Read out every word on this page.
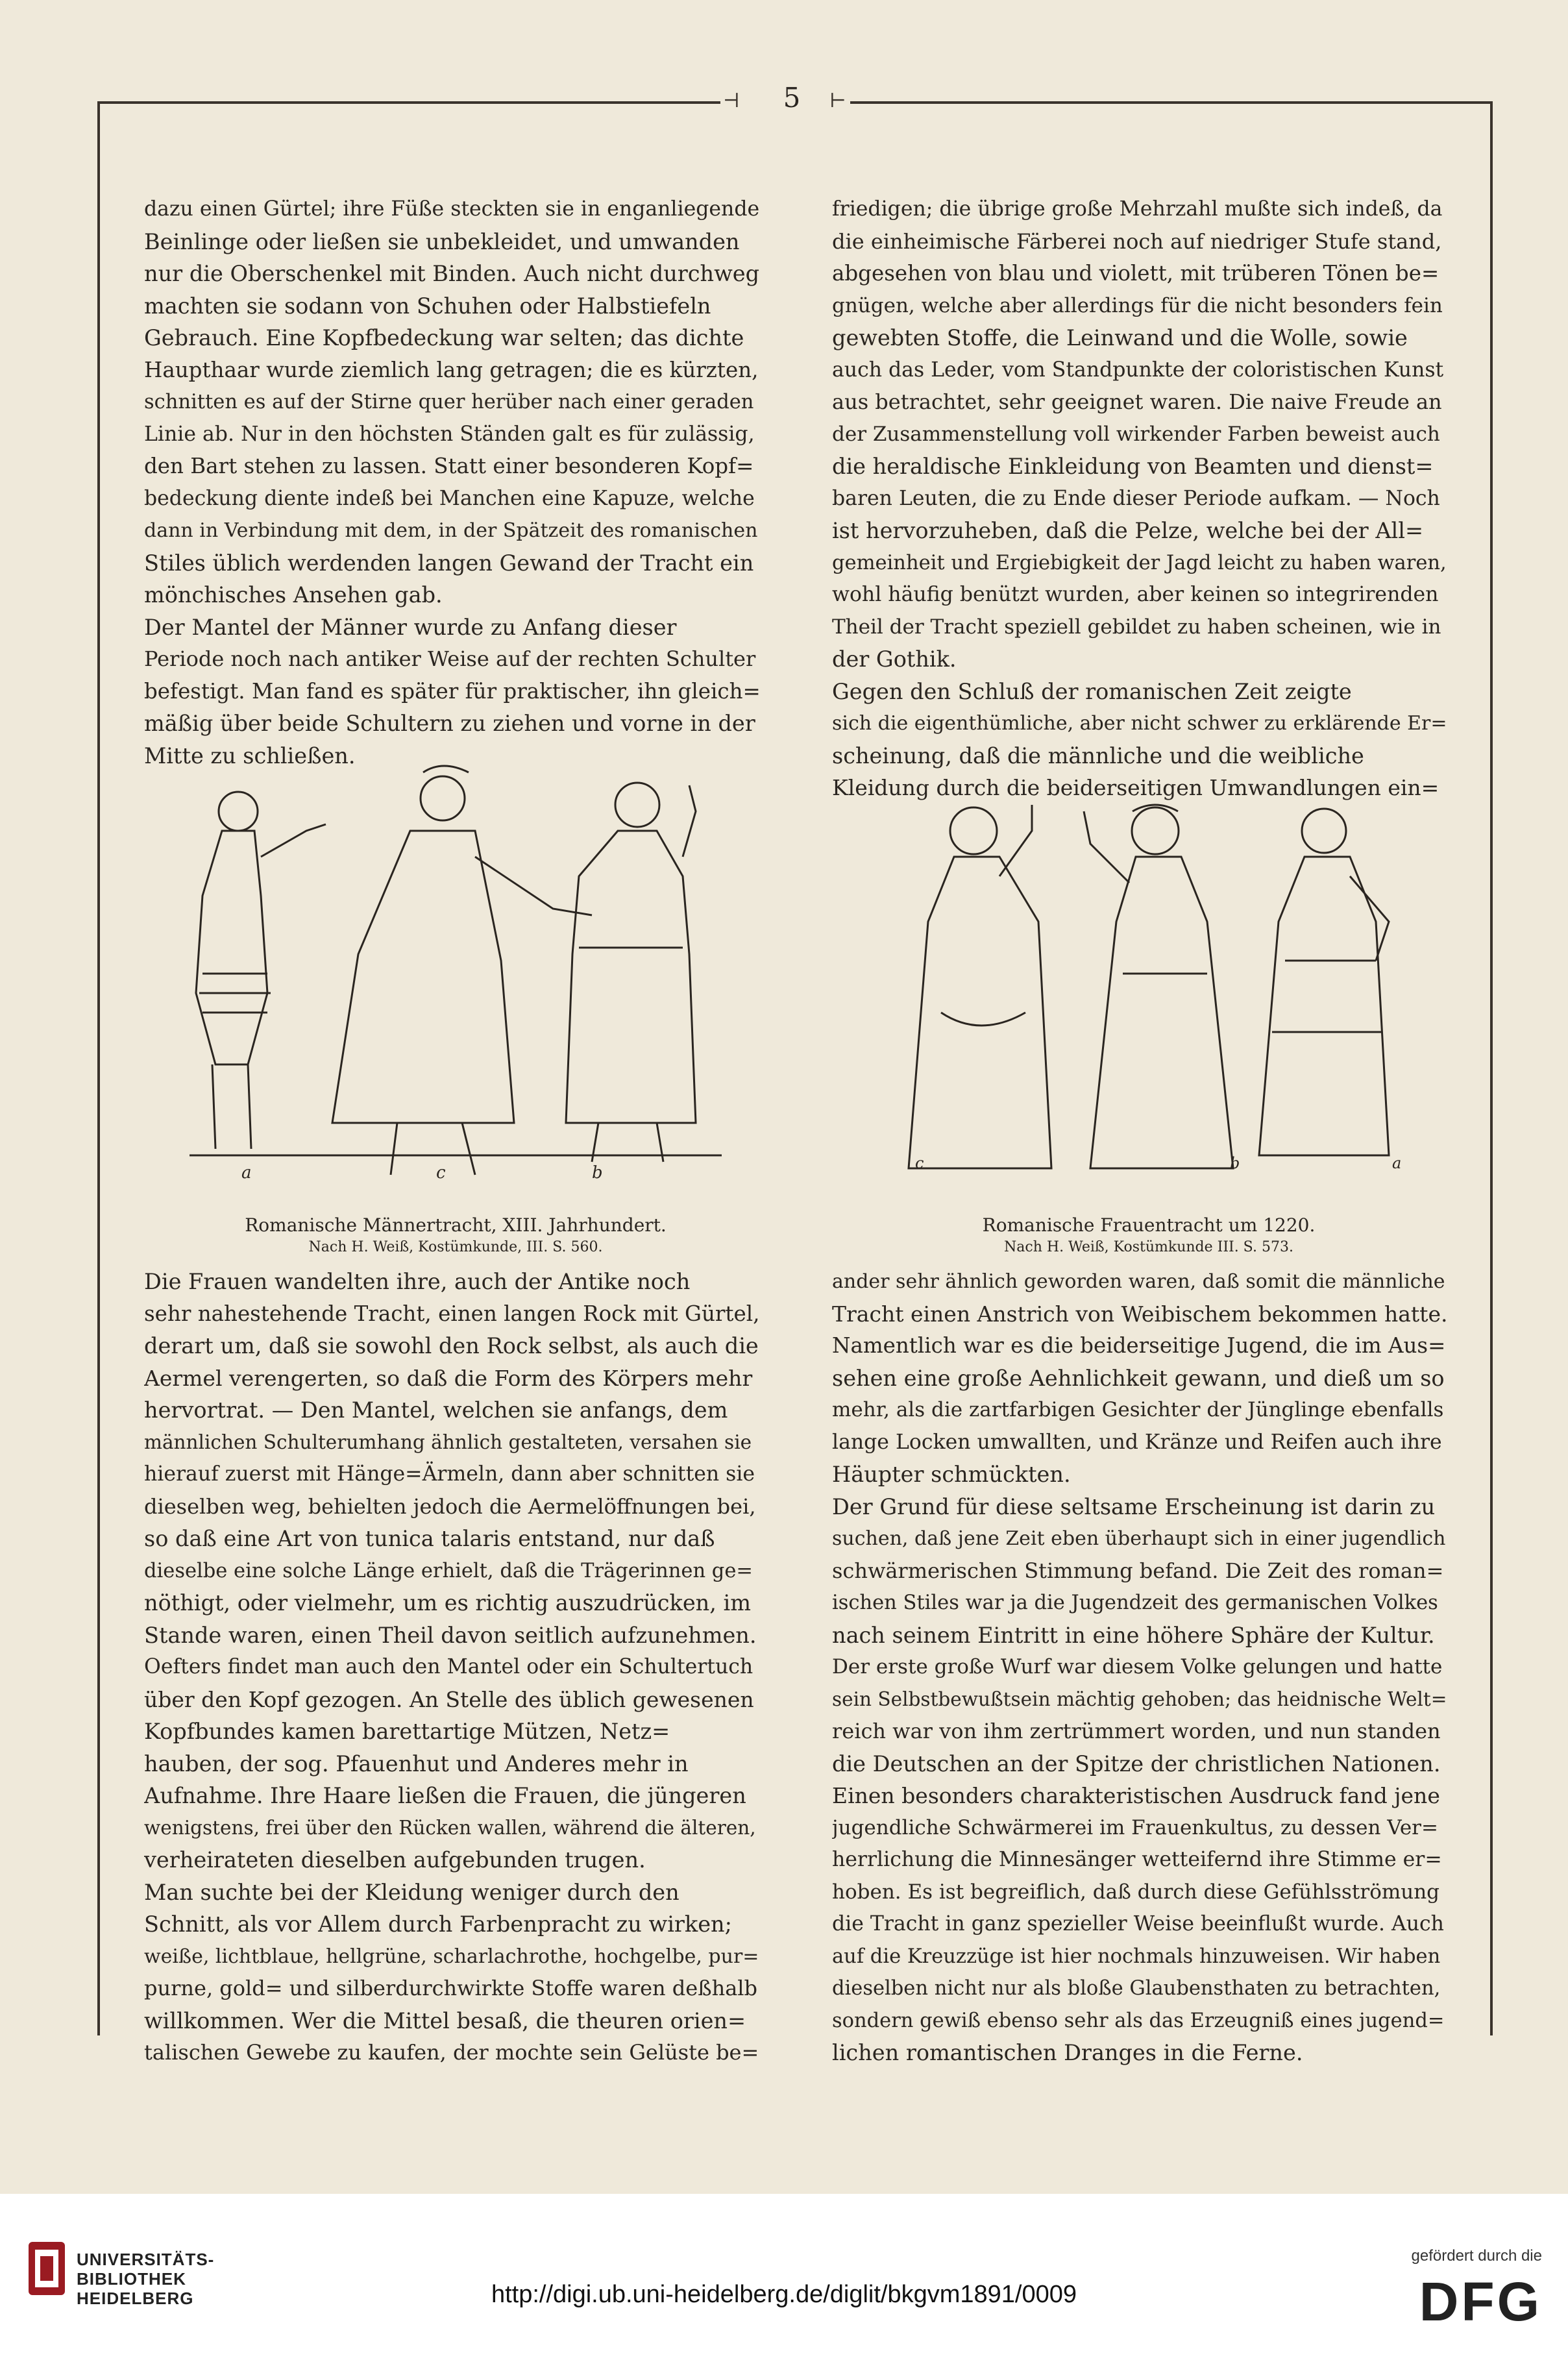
⊣	⊢
5
dazu einen Gürtel; ihre Füße steckten sie in enganliegende
Beinlinge oder ließen sie unbekleidet, und umwanden
nur die Oberschenkel mit Binden. Auch nicht durchweg
machten sie sodann von Schuhen oder Halbstiefeln
Gebrauch. Eine Kopfbedeckung war selten; das dichte
Haupthaar wurde ziemlich lang getragen; die es kürzten,
schnitten es auf der Stirne quer herüber nach einer geraden
Linie ab. Nur in den höchsten Ständen galt es für zulässig,
den Bart stehen zu lassen. Statt einer besonderen Kopf=
bedeckung diente indeß bei Manchen eine Kapuze, welche
dann in Verbindung mit dem, in der Spätzeit des romanischen
Stiles üblich werdenden langen Gewand der Tracht ein
mönchisches Ansehen gab.
Der Mantel der Männer wurde zu Anfang dieser
Periode noch nach antiker Weise auf der rechten Schulter
befestigt. Man fand es später für praktischer, ihn gleich=
mäßig über beide Schultern zu ziehen und vorne in der
Mitte zu schließen.
friedigen; die übrige große Mehrzahl mußte sich indeß, da
die einheimische Färberei noch auf niedriger Stufe stand,
abgesehen von blau und violett, mit trüberen Tönen be=
gnügen, welche aber allerdings für die nicht besonders fein
gewebten Stoffe, die Leinwand und die Wolle, sowie
auch das Leder, vom Standpunkte der coloristischen Kunst
aus betrachtet, sehr geeignet waren. Die naive Freude an
der Zusammenstellung voll wirkender Farben beweist auch
die heraldische Einkleidung von Beamten und dienst=
baren Leuten, die zu Ende dieser Periode aufkam. — Noch
ist hervorzuheben, daß die Pelze, welche bei der All=
gemeinheit und Ergiebigkeit der Jagd leicht zu haben waren,
wohl häufig benützt wurden, aber keinen so integrirenden
Theil der Tracht speziell gebildet zu haben scheinen, wie in
der Gothik.
Gegen den Schluß der romanischen Zeit zeigte
sich die eigenthümliche, aber nicht schwer zu erklärende Er=
scheinung, daß die männliche und die weibliche
Kleidung durch die beiderseitigen Umwandlungen ein=
a	c	b
Romanische Männertracht, XIII. Jahrhundert.
Nach H. Weiß, Kostümkunde, III. S. 560.
c	b	a
Romanische Frauentracht um 1220.
Nach H. Weiß, Kostümkunde III. S. 573.
Die Frauen wandelten ihre, auch der Antike noch
sehr nahestehende Tracht, einen langen Rock mit Gürtel,
derart um, daß sie sowohl den Rock selbst, als auch die
Aermel verengerten, so daß die Form des Körpers mehr
hervortrat. — Den Mantel, welchen sie anfangs, dem
männlichen Schulterumhang ähnlich gestalteten, versahen sie
hierauf zuerst mit Hänge=Ärmeln, dann aber schnitten sie
dieselben weg, behielten jedoch die Aermelöffnungen bei,
so daß eine Art von tunica talaris entstand, nur daß
dieselbe eine solche Länge erhielt, daß die Trägerinnen ge=
nöthigt, oder vielmehr, um es richtig auszudrücken, im
Stande waren, einen Theil davon seitlich aufzunehmen.
Oefters findet man auch den Mantel oder ein Schultertuch
über den Kopf gezogen. An Stelle des üblich gewesenen
Kopfbundes kamen barettartige Mützen, Netz=
hauben, der sog. Pfauenhut und Anderes mehr in
Aufnahme. Ihre Haare ließen die Frauen, die jüngeren
wenigstens, frei über den Rücken wallen, während die älteren,
verheirateten dieselben aufgebunden trugen.
Man suchte bei der Kleidung weniger durch den
Schnitt, als vor Allem durch Farbenpracht zu wirken;
weiße, lichtblaue, hellgrüne, scharlachrothe, hochgelbe, pur=
purne, gold= und silberdurchwirkte Stoffe waren deßhalb
willkommen. Wer die Mittel besaß, die theuren orien=
talischen Gewebe zu kaufen, der mochte sein Gelüste be=
ander sehr ähnlich geworden waren, daß somit die männliche
Tracht einen Anstrich von Weibischem bekommen hatte.
Namentlich war es die beiderseitige Jugend, die im Aus=
sehen eine große Aehnlichkeit gewann, und dieß um so
mehr, als die zartfarbigen Gesichter der Jünglinge ebenfalls
lange Locken umwallten, und Kränze und Reifen auch ihre
Häupter schmückten.
Der Grund für diese seltsame Erscheinung ist darin zu
suchen, daß jene Zeit eben überhaupt sich in einer jugendlich
schwärmerischen Stimmung befand. Die Zeit des roman=
ischen Stiles war ja die Jugendzeit des germanischen Volkes
nach seinem Eintritt in eine höhere Sphäre der Kultur.
Der erste große Wurf war diesem Volke gelungen und hatte
sein Selbstbewußtsein mächtig gehoben; das heidnische Welt=
reich war von ihm zertrümmert worden, und nun standen
die Deutschen an der Spitze der christlichen Nationen.
Einen besonders charakteristischen Ausdruck fand jene
jugendliche Schwärmerei im Frauenkultus, zu dessen Ver=
herrlichung die Minnesänger wetteifernd ihre Stimme er=
hoben. Es ist begreiflich, daß durch diese Gefühlsströmung
die Tracht in ganz spezieller Weise beeinflußt wurde. Auch
auf die Kreuzzüge ist hier nochmals hinzuweisen. Wir haben
dieselben nicht nur als bloße Glaubensthaten zu betrachten,
sondern gewiß ebenso sehr als das Erzeugniß eines jugend=
lichen romantischen Dranges in die Ferne.
UNIVERSITÄTS-
BIBLIOTHEK
HEIDELBERG	http://digi.ub.uni-heidelberg.de/diglit/bkgvm1891/0009
gefördert durch die
DFG
